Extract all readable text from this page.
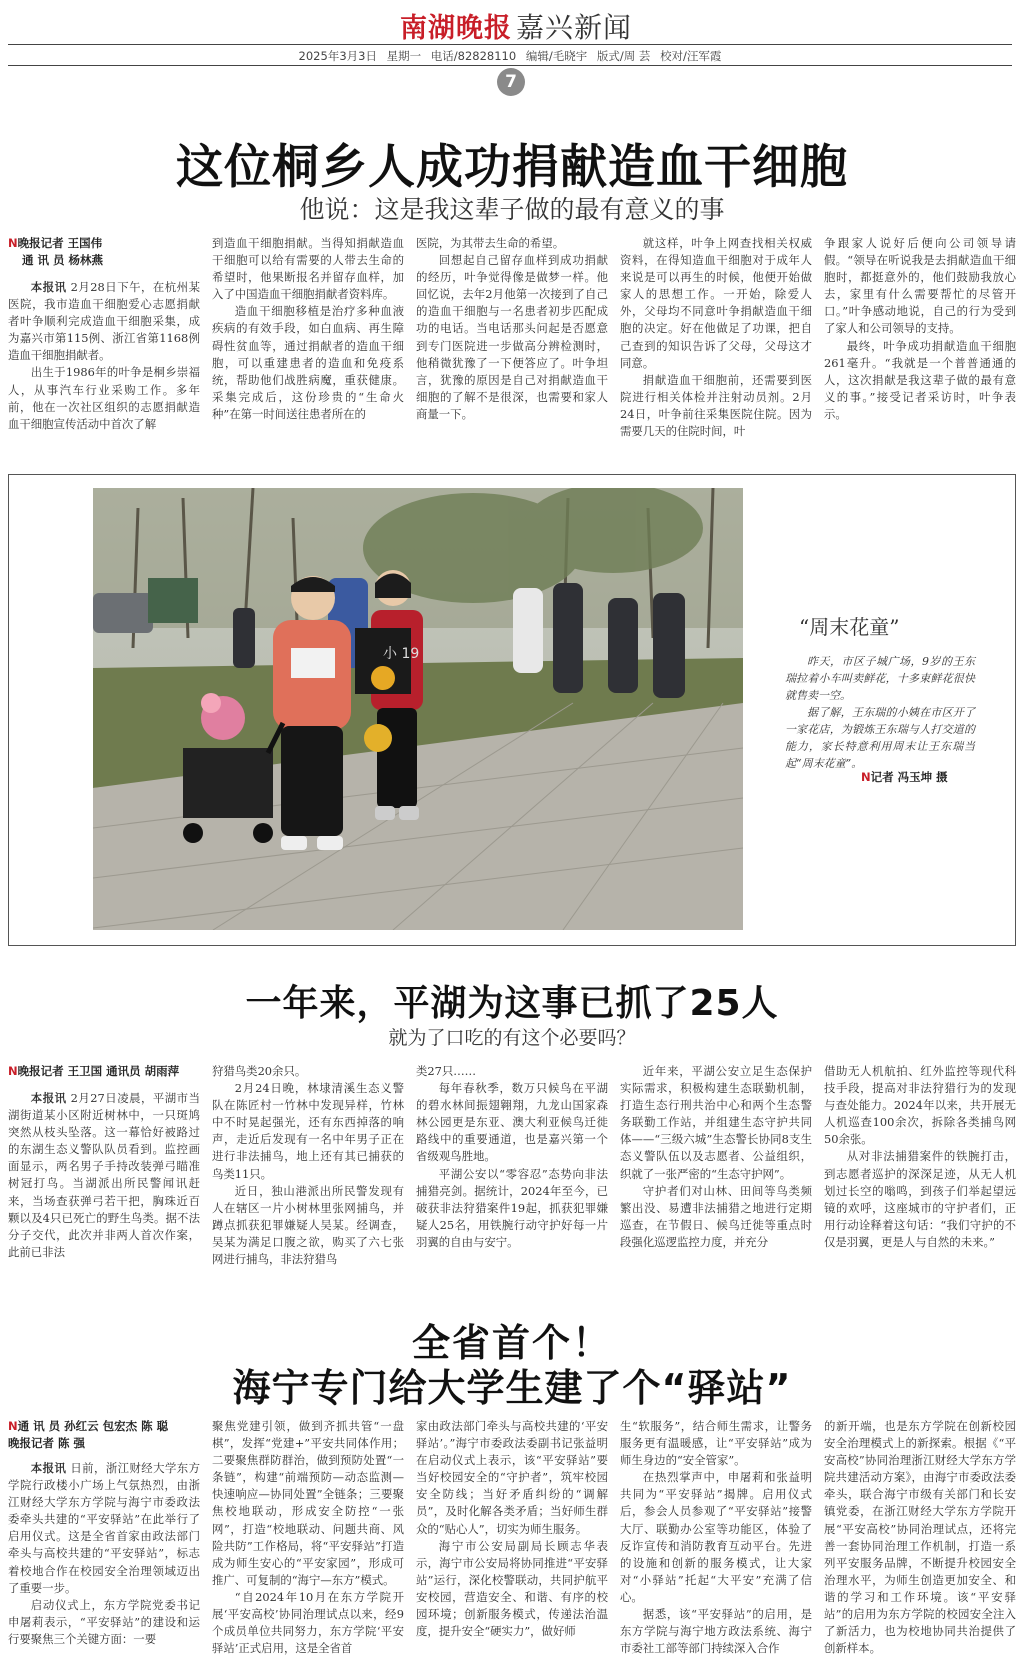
南湖晚报 嘉兴新闻
2025年3月3日 星期一 电话/82828110 编辑/毛晓宇 版式/周 芸 校对/汪军霞
7
这位桐乡人成功捐献造血干细胞
他说：这是我这辈子做的最有意义的事
N晚报记者 王国伟
通 讯 员 杨林燕

本报讯 2月28日下午，在杭州某医院，我市造血干细胞爱心志愿捐献者叶争顺利完成造血干细胞采集，成为嘉兴市第115例、浙江省第1168例造血干细胞捐献者。

出生于1986年的叶争是桐乡崇福人，从事汽车行业采购工作。多年前，他在一次社区组织的志愿捐献造血干细胞宣传活动中首次了解

到造血干细胞捐献。当得知捐献造血干细胞可以给有需要的人带去生命的希望时，他果断报名并留存血样，加入了中国造血干细胞捐献者资料库。

造血干细胞移植是治疗多种血液疾病的有效手段，如白血病、再生障碍性贫血等，通过捐献者的造血干细胞，可以重建患者的造血和免疫系统，帮助他们战胜病魔，重获健康。采集完成后，这份珍贵的“生命火种”在第一时间送往患者所在的

医院，为其带去生命的希望。

回想起自己留存血样到成功捐献的经历，叶争觉得像是做梦一样。他回忆说，去年2月他第一次接到了自己的造血干细胞与一名患者初步匹配成功的电话。当电话那头问起是否愿意到专门医院进一步做高分辨检测时，他稍微犹豫了一下便答应了。叶争坦言，犹豫的原因是自己对捐献造血干细胞的了解不是很深，也需要和家人商量一下。

就这样，叶争上网查找相关权威资料，在得知造血干细胞对于成年人来说是可以再生的时候，他便开始做家人的思想工作。一开始，除爱人外，父母均不同意叶争捐献造血干细胞的决定。好在他做足了功课，把自己查到的知识告诉了父母，父母这才同意。

捐献造血干细胞前，还需要到医院进行相关体检并注射动员剂。2月24日，叶争前往采集医院住院。因为需要几天的住院时间，叶

争跟家人说好后便向公司领导请假。“领导在听说我是去捐献造血干细胞时，都挺意外的，他们鼓励我放心去，家里有什么需要帮忙的尽管开口。”叶争感动地说，自己的行为受到了家人和公司领导的支持。

最终，叶争成功捐献造血干细胞261毫升。“我就是一个普普通通的人，这次捐献是我这辈子做的最有意义的事。”接受记者采访时，叶争表示。

小 19
“周末花童”

昨天，市区子城广场，9岁的王东瑞拉着小车叫卖鲜花，十多束鲜花很快就售卖一空。

据了解，王东瑞的小姨在市区开了一家花店，为锻炼王东瑞与人打交道的能力，家长特意利用周末让王东瑞当起“周末花童”。

N记者 冯玉坤 摄
一年来，平湖为这事已抓了25人
就为了口吃的有这个必要吗？
N晚报记者 王卫国 通讯员 胡雨萍

本报讯 2月27日凌晨，平湖市当湖街道某小区附近树林中，一只斑鸠突然从枝头坠落。这一幕恰好被路过的东湖生态义警队队员看到。监控画面显示，两名男子手持改装弹弓瞄准树冠打鸟。当湖派出所民警闻讯赶来，当场查获弹弓若干把，胸珠近百颗以及4只已死亡的野生鸟类。据不法分子交代，此次并非两人首次作案，此前已非法

狩猎鸟类20余只。

2月24日晚，林埭清溪生态义警队在陈匠村一竹林中发现异样，竹林中不时晃起强光，还有东西掉落的响声，走近后发现有一名中年男子正在进行非法捕鸟，地上还有其已捕获的鸟类11只。

近日，独山港派出所民警发现有人在辖区一片小树林里张网捕鸟，并蹲点抓获犯罪嫌疑人吴某。经调查，吴某为满足口腹之欲，购买了六七张网进行捕鸟，非法狩猎鸟

类27只……

每年春秋季，数万只候鸟在平湖的碧水林间振翅翱翔，九龙山国家森林公园更是东亚、澳大利亚候鸟迁徙路线中的重要通道，也是嘉兴第一个省级观鸟胜地。

平湖公安以“零容忍”态势向非法捕猎亮剑。据统计，2024年至今，已破获非法狩猎案件19起，抓获犯罪嫌疑人25名，用铁腕行动守护好每一片羽翼的自由与安宁。

近年来，平湖公安立足生态保护实际需求，积极构建生态联勤机制，打造生态行刑共治中心和两个生态警务联勤工作站，并组建生态守护共同体——“三级六城”生态警长协同8支生态义警队伍以及志愿者、公益组织，织就了一张严密的“生态守护网”。

守护者们对山林、田间等鸟类频繁出没、易遭非法捕猎之地进行定期巡查，在节假日、候鸟迁徙等重点时段强化巡逻监控力度，并充分

借助无人机航拍、红外监控等现代科技手段，提高对非法狩猎行为的发现与查处能力。2024年以来，共开展无人机巡查100余次，拆除各类捕鸟网50余张。

从对非法捕猎案件的铁腕打击，到志愿者巡护的深深足迹，从无人机划过长空的嗡鸣，到孩子们举起望远镜的欢呼，这座城市的守护者们，正用行动诠释着这句话：“我们守护的不仅是羽翼，更是人与自然的未来。”

全省首个！
海宁专门给大学生建了个“驿站”
N通 讯 员 孙红云 包宏杰 陈 聪
晚报记者 陈 强

本报讯 日前，浙江财经大学东方学院行政楼小广场上气氛热烈，由浙江财经大学东方学院与海宁市委政法委牵头共建的“平安驿站”在此举行了启用仪式。这是全省首家由政法部门牵头与高校共建的“平安驿站”，标志着校地合作在校园安全治理领域迈出了重要一步。

启动仪式上，东方学院党委书记申屠莉表示，“平安驿站”的建设和运行要聚焦三个关键方面：一要

聚焦党建引领，做到齐抓共管“一盘棋”，发挥“党建+”平安共同体作用；二要聚焦群防群治，做到预防处置“一条链”，构建“前端预防—动态监测—快速响应—协同处置”全链条；三要聚焦校地联动，形成安全防控“一张网”，打造“校地联动、问题共商、风险共防”工作格局，将“平安驿站”打造成为师生安心的“平安家园”，形成可推广、可复制的“海宁—东方”模式。

“自2024年10月在东方学院开展‘平安高校’协同治理试点以来，经9个成员单位共同努力，东方学院‘平安驿站’正式启用，这是全省首

家由政法部门牵头与高校共建的‘平安驿站’。”海宁市委政法委副书记张益明在启动仪式上表示，该“平安驿站”要当好校园安全的“守护者”，筑牢校园安全防线；当好矛盾纠纷的“调解员”，及时化解各类矛盾；当好师生群众的“贴心人”，切实为师生服务。

海宁市公安局副局长顾志华表示，海宁市公安局将协同推进“平安驿站”运行，深化校警联动，共同护航平安校园，营造安全、和谐、有序的校园环境；创新服务模式，传递法治温度，提升安全“硬实力”，做好师

生“软服务”，结合师生需求，让警务服务更有温暖感，让“平安驿站”成为师生身边的“安全管家”。

在热烈掌声中，申屠莉和张益明共同为“平安驿站”揭牌。启用仪式后，参会人员参观了“平安驿站”接警大厅、联勤办公室等功能区，体验了反诈宣传和消防教育互动平台。先进的设施和创新的服务模式，让大家对“小驿站”托起“大平安”充满了信心。

据悉，该“平安驿站”的启用，是东方学院与海宁地方政法系统、海宁市委社工部等部门持续深入合作

的新开端，也是东方学院在创新校园安全治理模式上的新探索。根据《“平安高校”协同治理浙江财经大学东方学院共建活动方案》，由海宁市委政法委牵头，联合海宁市级有关部门和长安镇党委，在浙江财经大学东方学院开展“平安高校”协同治理试点，还将完善一套协同治理工作机制，打造一系列平安服务品牌，不断提升校园安全治理水平，为师生创造更加安全、和谐的学习和工作环境。该“平安驿站”的启用为东方学院的校园安全注入了新活力，也为校地协同共治提供了创新样本。
